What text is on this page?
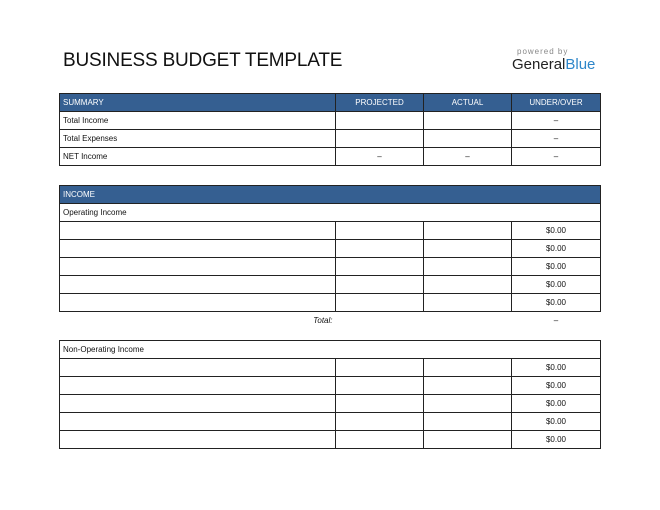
BUSINESS BUDGET TEMPLATE	powered by
GeneralBlue
SUMMARY	PROJECTED	ACTUAL	UNDER/OVER
Total Income			–
Total Expenses			–
NET Income	–	–	–
INCOME			
Operating Income			
			$0.00
			$0.00
			$0.00
			$0.00
			$0.00
Total:			–
Non-Operating Income			
			$0.00
			$0.00
			$0.00
			$0.00
			$0.00
